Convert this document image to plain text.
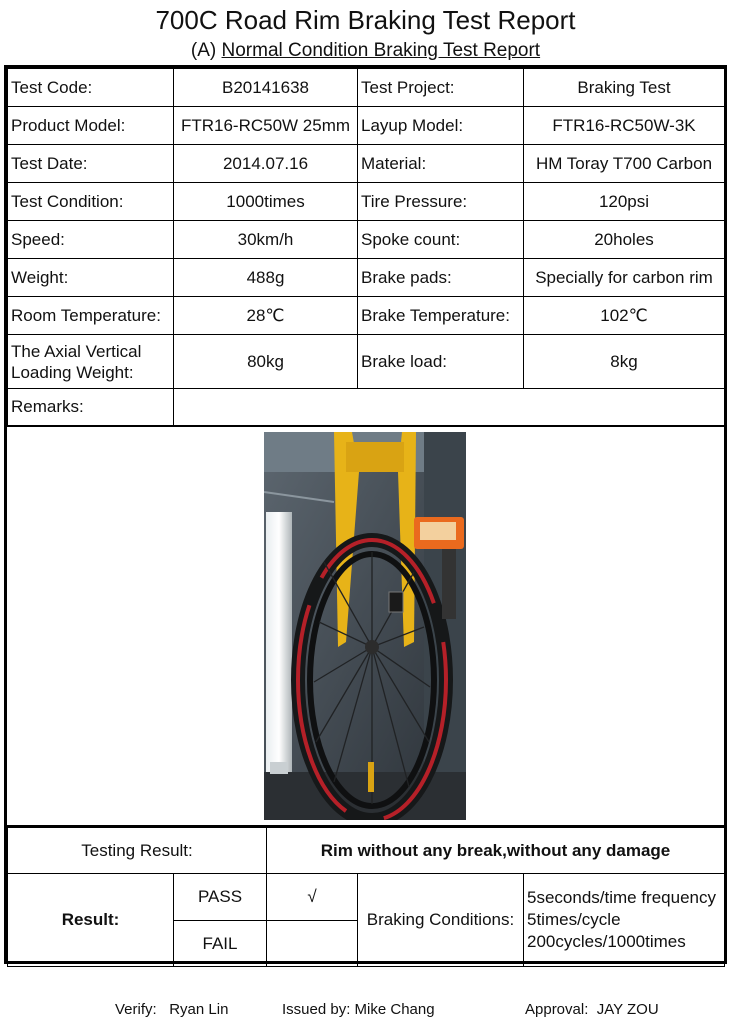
700C Road Rim Braking Test Report
(A) Normal Condition Braking Test Report
Test Code:	B20141638	Test Project:	Braking Test
Product Model:	FTR16-RC50W 25mm	Layup Model:	FTR16-RC50W-3K
Test Date:	2014.07.16	Material:	HM Toray T700 Carbon
Test Condition:	1000times	Tire Pressure:	120psi
Speed:	30km/h	Spoke count:	20holes
Weight:	488g	Brake pads:	Specially for carbon rim
Room Temperature:	28℃	Brake Temperature:	102℃
The Axial Vertical Loading Weight:	80kg	Brake load:	8kg
Remarks:			
Testing Result:		Rim without any break,without any damage		
Result:	PASS	√	Braking Conditions:	5seconds/time frequency
5times/cycle
200cycles/1000times

	FAIL			
Verify: Ryan Lin	Issued by: Mike Chang	Approval: JAY ZOU
